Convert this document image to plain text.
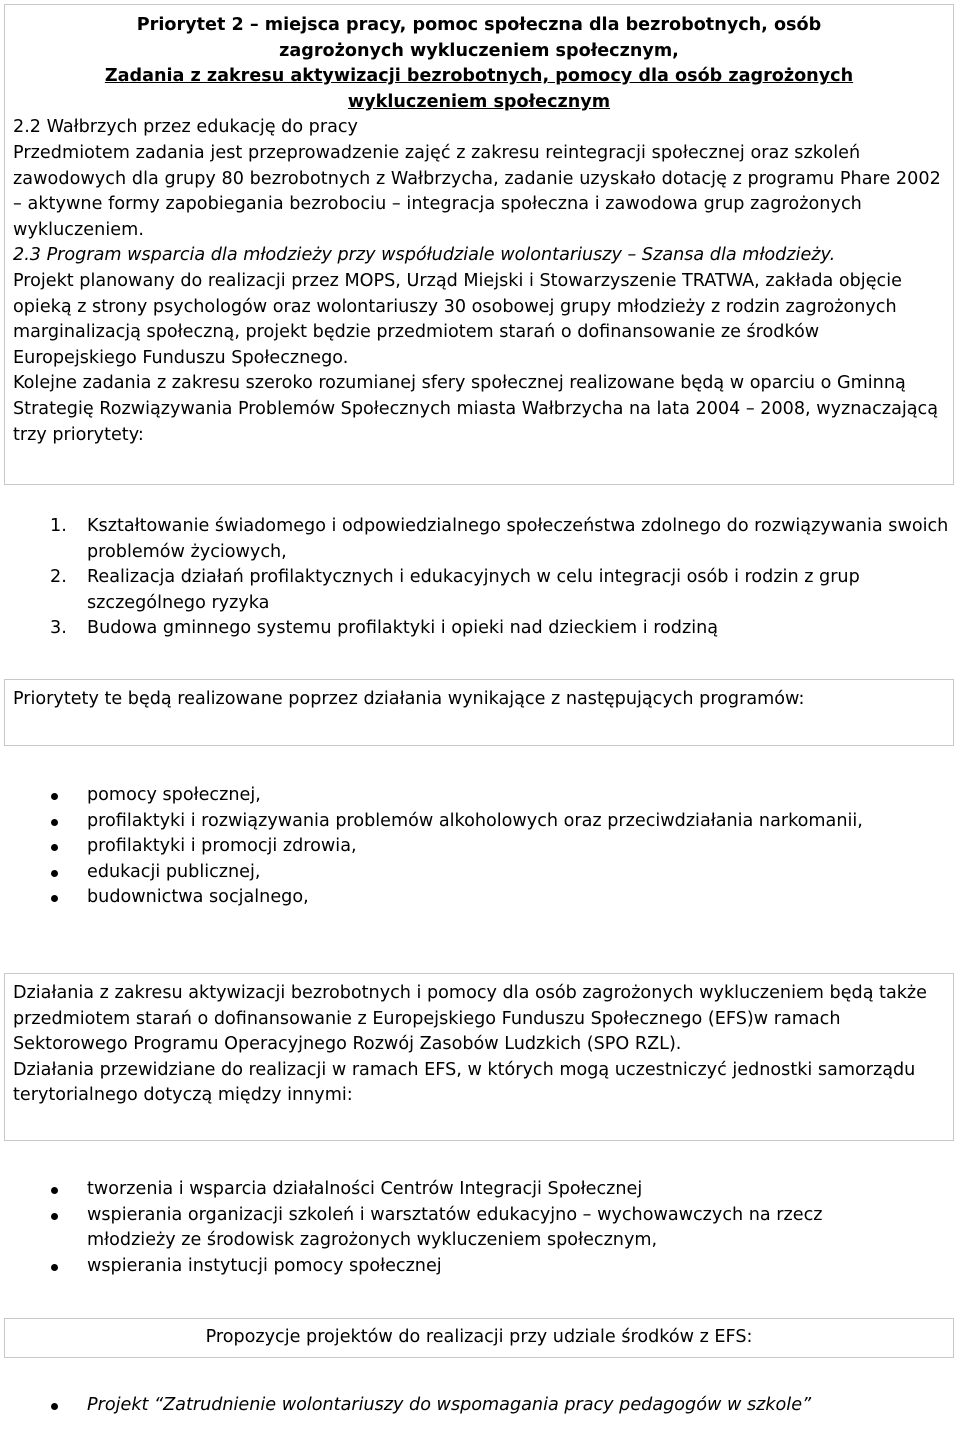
Priorytet 2 – miejsca pracy, pomoc społeczna dla bezrobotnych, osób
zagrożonych wykluczeniem społecznym,
Zadania z zakresu aktywizacji bezrobotnych, pomocy dla osób zagrożonych
wykluczeniem społecznym

2.2 Wałbrzych przez edukację do pracy

Przedmiotem zadania jest przeprowadzenie zajęć z zakresu reintegracji społecznej oraz szkoleń zawodowych dla grupy 80 bezrobotnych z Wałbrzycha, zadanie uzyskało dotację z programu Phare 2002 – aktywne formy zapobiegania bezrobociu – integracja społeczna i zawodowa grup zagrożonych wykluczeniem.

2.3 Program wsparcia dla młodzieży przy współudziale wolontariuszy – Szansa dla młodzieży.

Projekt planowany do realizacji przez MOPS, Urząd Miejski i Stowarzyszenie TRATWA, zakłada objęcie opieką z strony psychologów oraz wolontariuszy 30 osobowej grupy młodzieży z rodzin zagrożonych marginalizacją społeczną, projekt będzie przedmiotem starań o dofinansowanie ze środków Europejskiego Funduszu Społecznego.

Kolejne zadania z zakresu szeroko rozumianej sfery społecznej realizowane będą w oparciu o Gminną Strategię Rozwiązywania Problemów Społecznych miasta Wałbrzycha na lata 2004 – 2008, wyznaczającą trzy priorytety:

1. Kształtowanie świadomego i odpowiedzialnego społeczeństwa zdolnego do rozwiązywania swoich problemów życiowych,
2. Realizacja działań profilaktycznych i edukacyjnych w celu integracji osób i rodzin z grup szczególnego ryzyka
3. Budowa gminnego systemu profilaktyki i opieki nad dzieckiem i rodziną

Priorytety te będą realizowane poprzez działania wynikające z następujących programów:

pomocy społecznej,
profilaktyki i rozwiązywania problemów alkoholowych oraz przeciwdziałania narkomanii,
profilaktyki i promocji zdrowia,
edukacji publicznej,
budownictwa socjalnego,

Działania z zakresu aktywizacji bezrobotnych i pomocy dla osób zagrożonych wykluczeniem będą także przedmiotem starań o dofinansowanie z Europejskiego Funduszu Społecznego (EFS)w ramach Sektorowego Programu Operacyjnego Rozwój Zasobów Ludzkich (SPO RZL).

Działania przewidziane do realizacji w ramach EFS, w których mogą uczestniczyć jednostki samorządu terytorialnego dotyczą między innymi:

tworzenia i wsparcia działalności Centrów Integracji Społecznej
wspierania organizacji szkoleń i warsztatów edukacyjno – wychowawczych na rzecz młodzieży ze środowisk zagrożonych wykluczeniem społecznym,
wspierania instytucji pomocy społecznej

Propozycje projektów do realizacji przy udziale środków z EFS:

Projekt “Zatrudnienie wolontariuszy do wspomagania pracy pedagogów w szkole”
